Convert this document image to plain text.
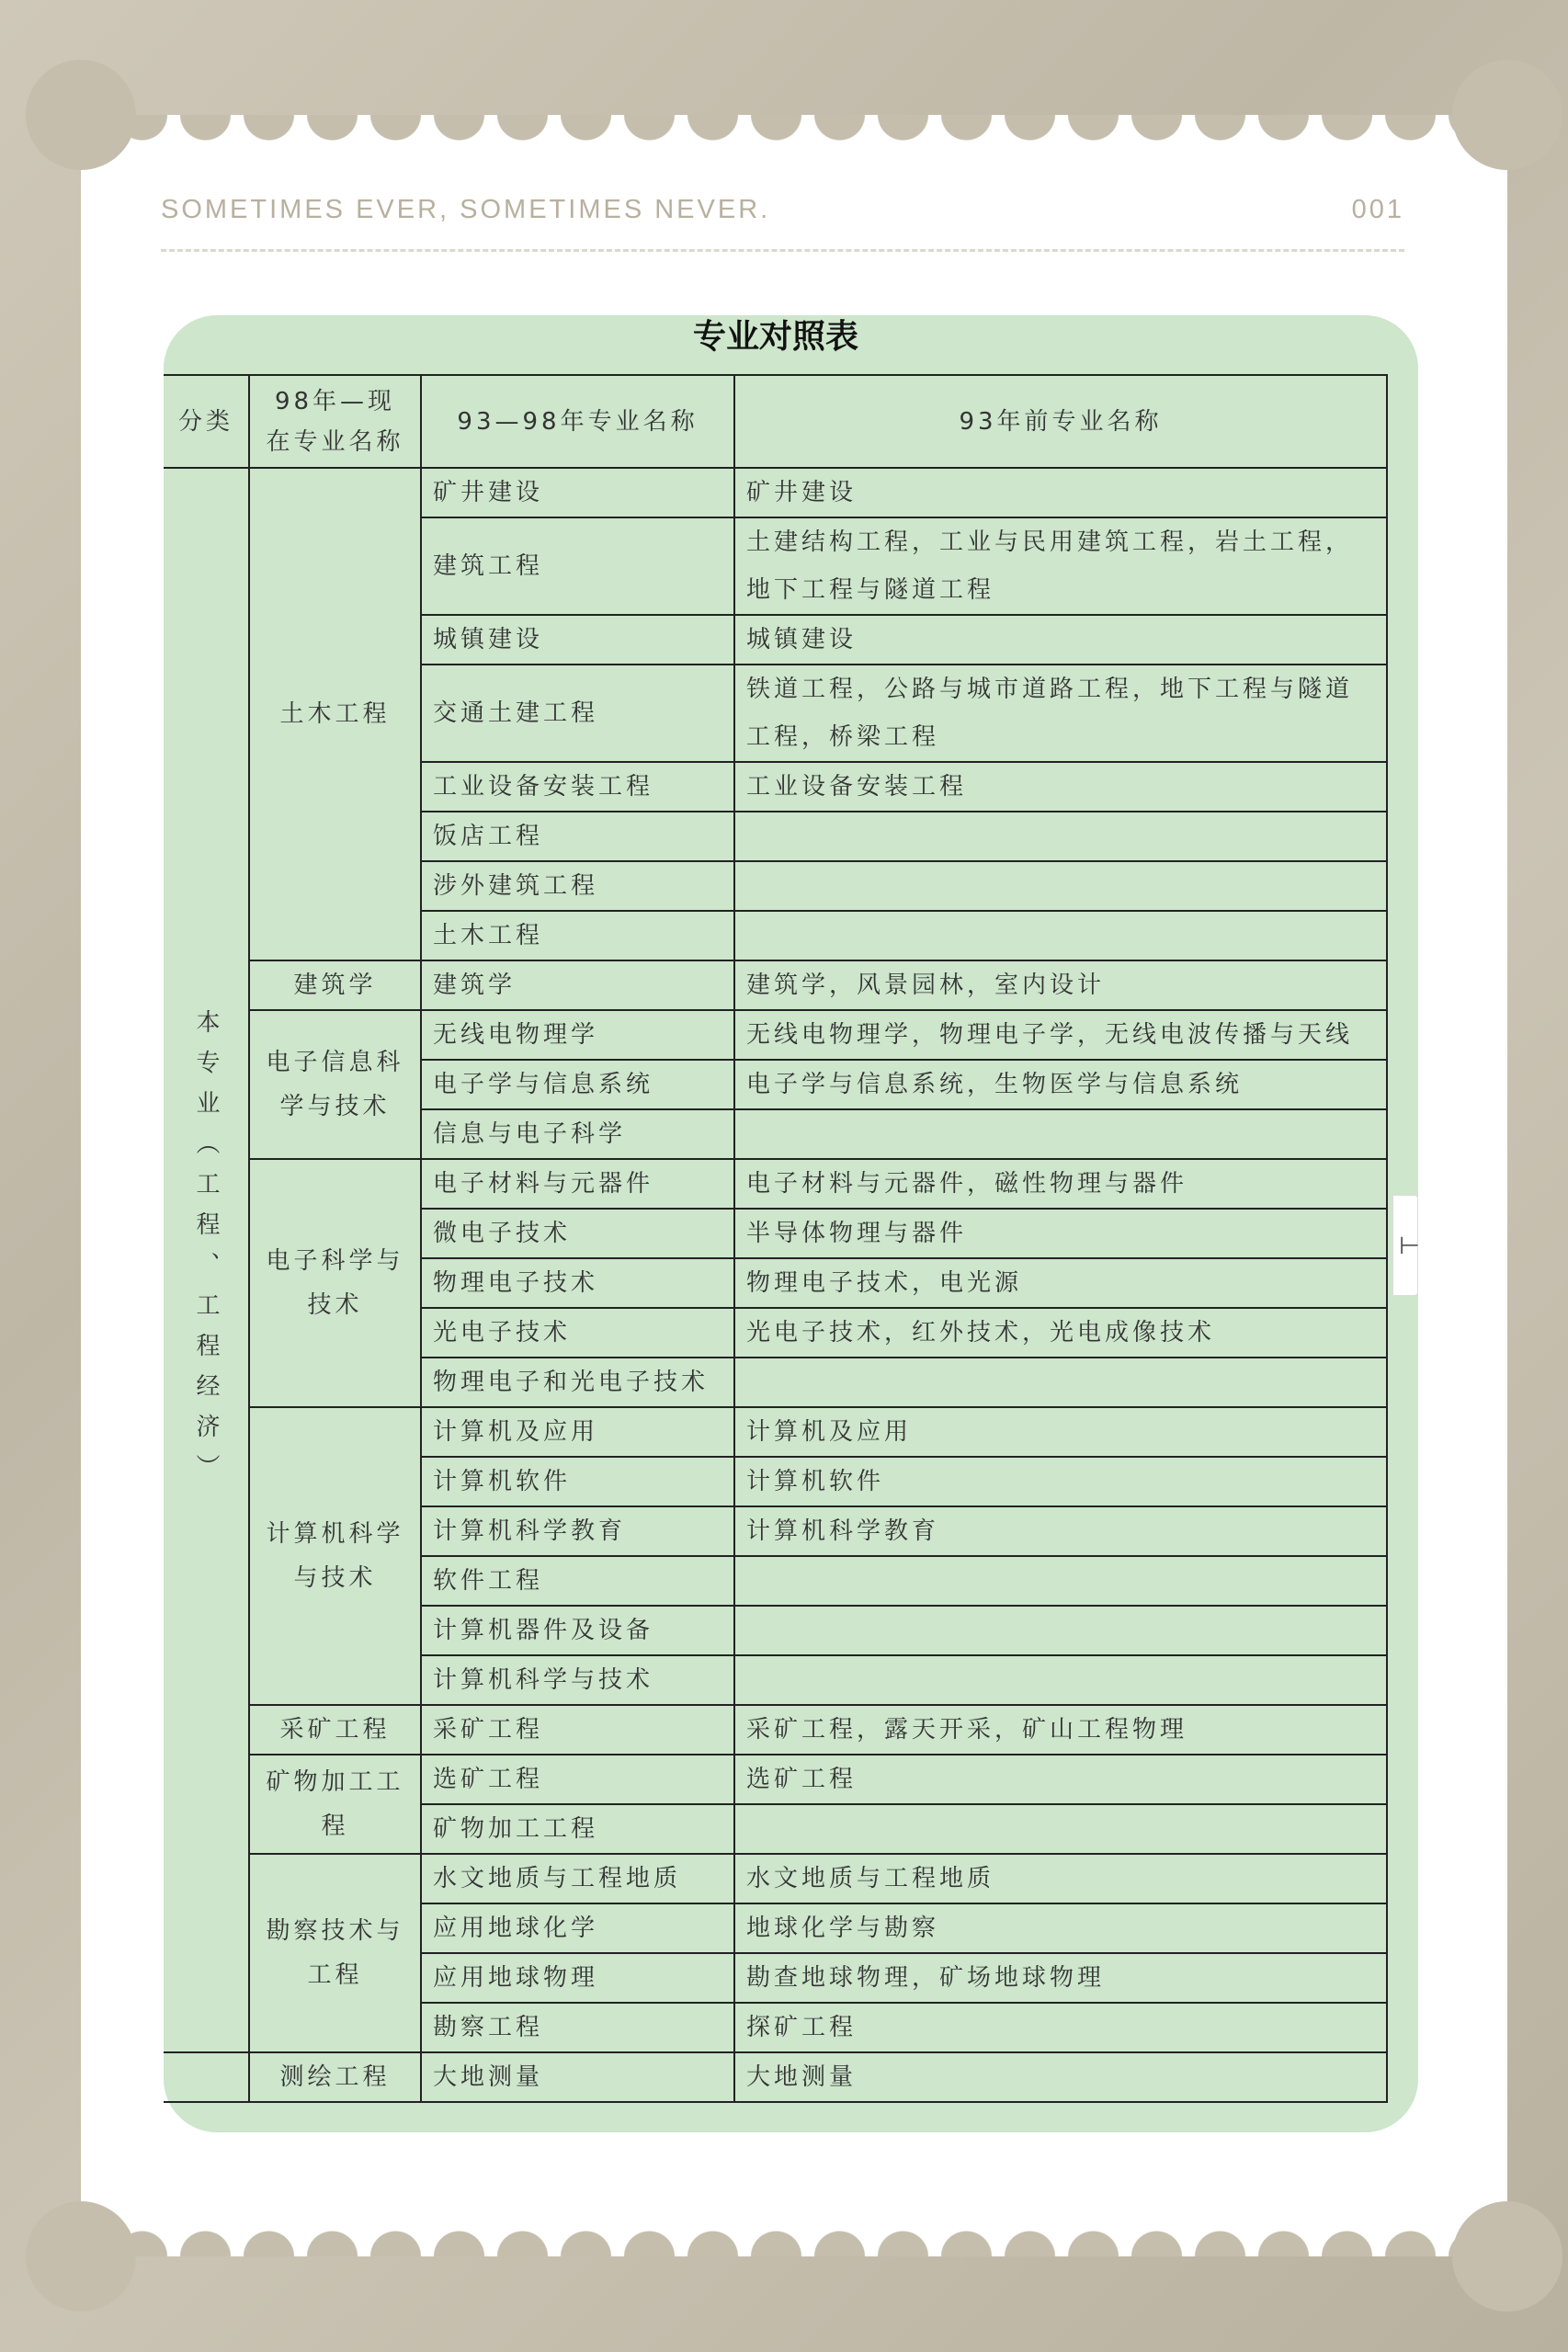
SOMETIMES EVER, SOMETIMES NEVER.	001
专业对照表
分类	98年—现在专业名称	93—98年专业名称	93年前专业名称
本专业（工程、工程经济）	土木工程	矿井建设	矿井建设
		建筑工程	土建结构工程，工业与民用建筑工程，岩土工程，地下工程与隧道工程
		城镇建设	城镇建设
		交通土建工程	铁道工程，公路与城市道路工程，地下工程与隧道工程，桥梁工程
		工业设备安装工程	工业设备安装工程
		饭店工程	
		涉外建筑工程	
		土木工程	
	建筑学	建筑学	建筑学，风景园林，室内设计
	电子信息科学与技术	无线电物理学	无线电物理学，物理电子学，无线电波传播与天线
		电子学与信息系统	电子学与信息系统，生物医学与信息系统
		信息与电子科学	
	电子科学与技术	电子材料与元器件	电子材料与元器件，磁性物理与器件
		微电子技术	半导体物理与器件
		物理电子技术	物理电子技术，电光源
		光电子技术	光电子技术，红外技术，光电成像技术
		物理电子和光电子技术	
	计算机科学与技术	计算机及应用	计算机及应用
		计算机软件	计算机软件
		计算机科学教育	计算机科学教育
		软件工程	
		计算机器件及设备	
		计算机科学与技术	
	采矿工程	采矿工程	采矿工程，露天开采，矿山工程物理
	矿物加工工程	选矿工程	选矿工程
		矿物加工工程	
	勘察技术与工程	水文地质与工程地质	水文地质与工程地质
		应用地球化学	地球化学与勘察
		应用地球物理	勘查地球物理，矿场地球物理
		勘察工程	探矿工程
	测绘工程	大地测量	大地测量
⊢
